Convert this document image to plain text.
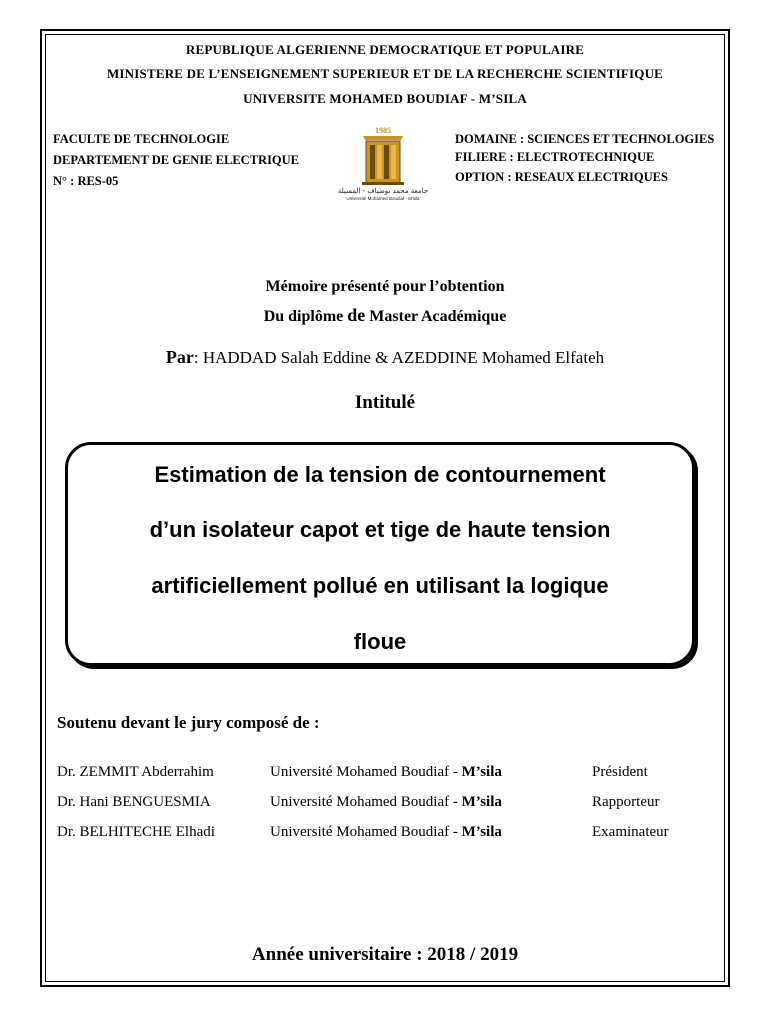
REPUBLIQUE ALGERIENNE DEMOCRATIQUE ET POPULAIRE
MINISTERE DE L’ENSEIGNEMENT SUPERIEUR ET DE LA RECHERCHE SCIENTIFIQUE
UNIVERSITE MOHAMED BOUDIAF - M’SILA
FACULTE DE TECHNOLOGIE
DEPARTEMENT DE GENIE ELECTRIQUE
N° : RES-05
1985
جامعة محمد بوضياف - المسيلة
Université Mohamed Boudiaf - M'sila
DOMAINE : SCIENCES ET TECHNOLOGIES
FILIERE : ELECTROTECHNIQUE
OPTION : RESEAUX ELECTRIQUES
Mémoire présenté pour l’obtention
Du diplôme de Master Académique
Par: HADDAD Salah Eddine & AZEDDINE Mohamed Elfateh
Intitulé
Estimation de la tension de contournement
d’un isolateur capot et tige de haute tension
artificiellement pollué en utilisant la logique
floue
Soutenu devant le jury composé de :
Dr. ZEMMIT Abderrahim	Université Mohamed Boudiaf - M’sila	Président
Dr. Hani BENGUESMIA	Université Mohamed Boudiaf - M’sila	Rapporteur
Dr. BELHITECHE Elhadi	Université Mohamed Boudiaf - M’sila	Examinateur
Année universitaire : 2018 / 2019
